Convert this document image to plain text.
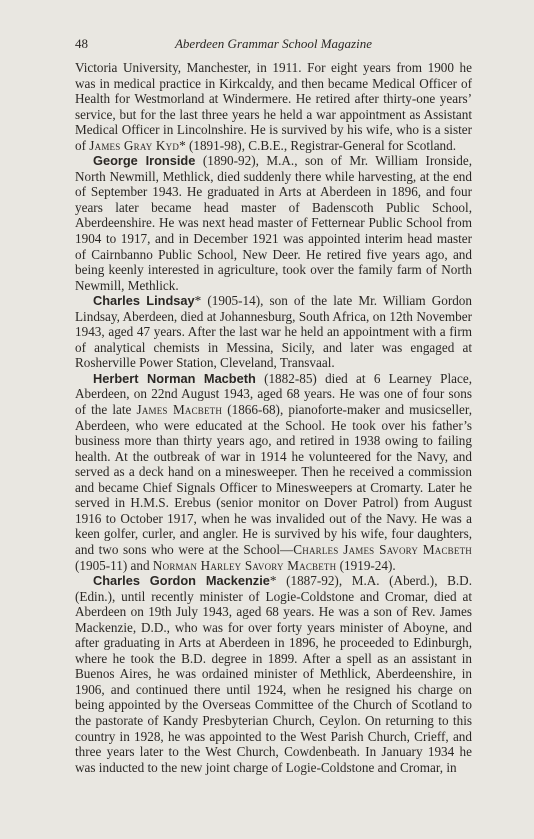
48	Aberdeen Grammar School Magazine

Victoria University, Manchester, in 1911. For eight years from 1900 he was in medical practice in Kirkcaldy, and then became Medical Officer of Health for Westmorland at Windermere. He retired after thirty-one years’ service, but for the last three years he held a war appointment as Assistant Medical Officer in Lincolnshire. He is survived by his wife, who is a sister of James Gray Kyd* (1891-98), C.B.E., Registrar-General for Scotland.

George Ironside (1890-92), M.A., son of Mr. William Ironside, North Newmill, Methlick, died suddenly there while harvesting, at the end of September 1943. He graduated in Arts at Aberdeen in 1896, and four years later became head master of Badenscoth Public School, Aberdeenshire. He was next head master of Fetternear Public School from 1904 to 1917, and in December 1921 was appointed interim head master of Cairnbanno Public School, New Deer. He retired five years ago, and being keenly interested in agriculture, took over the family farm of North Newmill, Methlick.

Charles Lindsay* (1905-14), son of the late Mr. William Gordon Lindsay, Aberdeen, died at Johannesburg, South Africa, on 12th November 1943, aged 47 years. After the last war he held an appointment with a firm of analytical chemists in Messina, Sicily, and later was engaged at Rosherville Power Station, Cleveland, Transvaal.

Herbert Norman Macbeth (1882-85) died at 6 Learney Place, Aberdeen, on 22nd August 1943, aged 68 years. He was one of four sons of the late James Macbeth (1866-68), pianoforte-maker and musicseller, Aberdeen, who were educated at the School. He took over his father’s business more than thirty years ago, and retired in 1938 owing to failing health. At the outbreak of war in 1914 he volunteered for the Navy, and served as a deck hand on a minesweeper. Then he received a commission and became Chief Signals Officer to Minesweepers at Cromarty. Later he served in H.M.S. Erebus (senior monitor on Dover Patrol) from August 1916 to October 1917, when he was invalided out of the Navy. He was a keen golfer, curler, and angler. He is survived by his wife, four daughters, and two sons who were at the School—Charles James Savory Macbeth (1905-11) and Norman Harley Savory Macbeth (1919-24).

Charles Gordon Mackenzie* (1887-92), M.A. (Aberd.), B.D. (Edin.), until recently minister of Logie-Coldstone and Cromar, died at Aberdeen on 19th July 1943, aged 68 years. He was a son of Rev. James Mackenzie, D.D., who was for over forty years minister of Aboyne, and after graduating in Arts at Aberdeen in 1896, he proceeded to Edinburgh, where he took the B.D. degree in 1899. After a spell as an assistant in Buenos Aires, he was ordained minister of Methlick, Aberdeenshire, in 1906, and continued there until 1924, when he resigned his charge on being appointed by the Overseas Committee of the Church of Scotland to the pastorate of Kandy Presbyterian Church, Ceylon. On returning to this country in 1928, he was appointed to the West Parish Church, Crieff, and three years later to the West Church, Cowdenbeath. In January 1934 he was inducted to the new joint charge of Logie-Coldstone and Cromar, in
